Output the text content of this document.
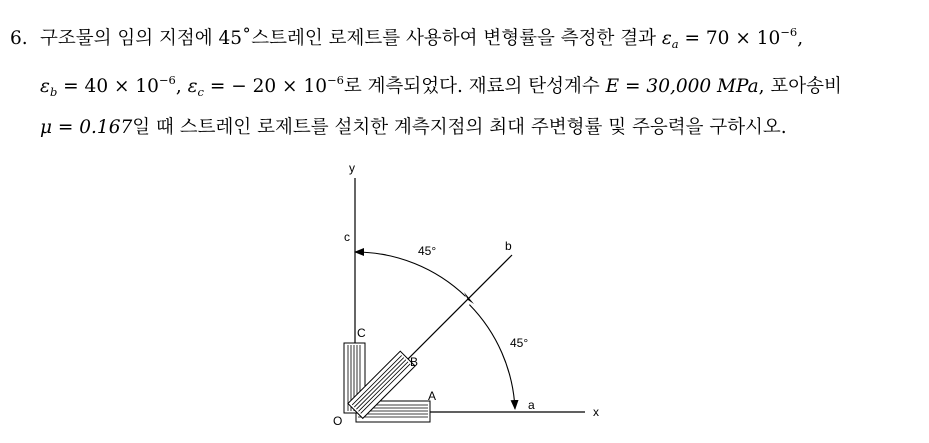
6. 구조물의 임의 지점에 45˚스트레인 로제트를 사용하여 변형률을 측정한 결과 $\varepsilon_a = 70 \times 10^{-6}$,
$\varepsilon_b = 40 \times 10^{-6}$, $\varepsilon_c$ = − $20 \times 10^{-6}$로 계측되었다. 재료의 탄성계수 E = 30,000 MPa, 포아송비
μ = 0.167일 때 스트레인 로제트를 설치한 계측지점의 최대 주변형률 및 주응력을 구하시오.
y
x
O
a
b
c
A
B
C
45°
45°
